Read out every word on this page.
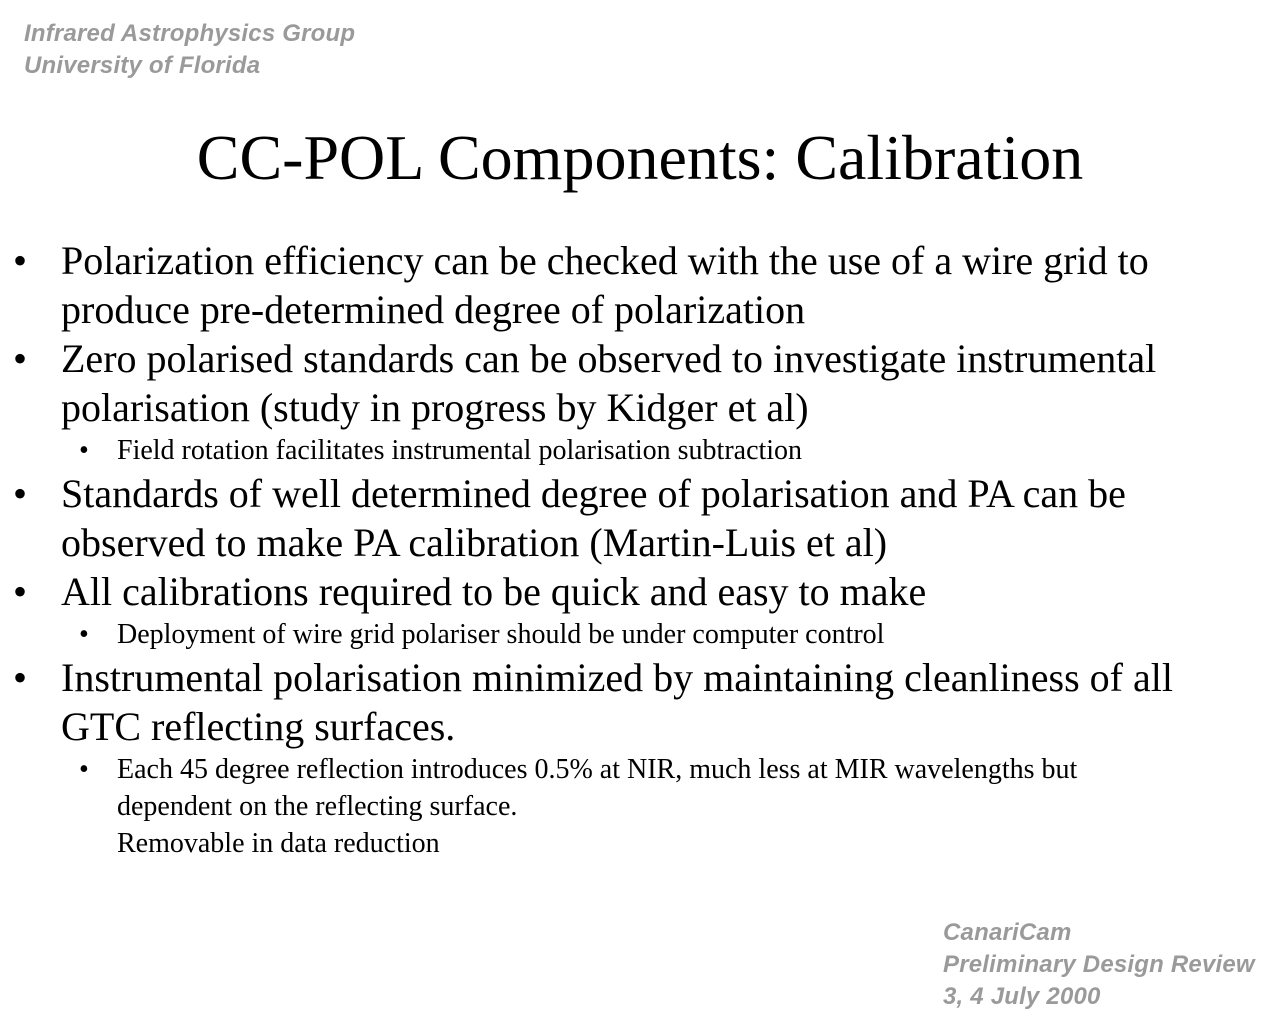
Infrared Astrophysics Group
University of Florida
CC-POL Components: Calibration
• Polarization efficiency can be checked with the use of a wire grid to
produce pre-determined degree of polarization
• Zero polarised standards can be observed to investigate instrumental
polarisation (study in progress by Kidger et al)
• Field rotation facilitates instrumental polarisation subtraction
• Standards of well determined degree of polarisation and PA can be
observed to make PA calibration (Martin-Luis et al)
• All calibrations required to be quick and easy to make
• Deployment of wire grid polariser should be under computer control
• Instrumental polarisation minimized by maintaining cleanliness of all
GTC reflecting surfaces.
• Each 45 degree reflection introduces 0.5% at NIR, much less at MIR wavelengths but
dependent on the reflecting surface.
Removable in data reduction
CanariCam
Preliminary Design Review
3, 4 July 2000
